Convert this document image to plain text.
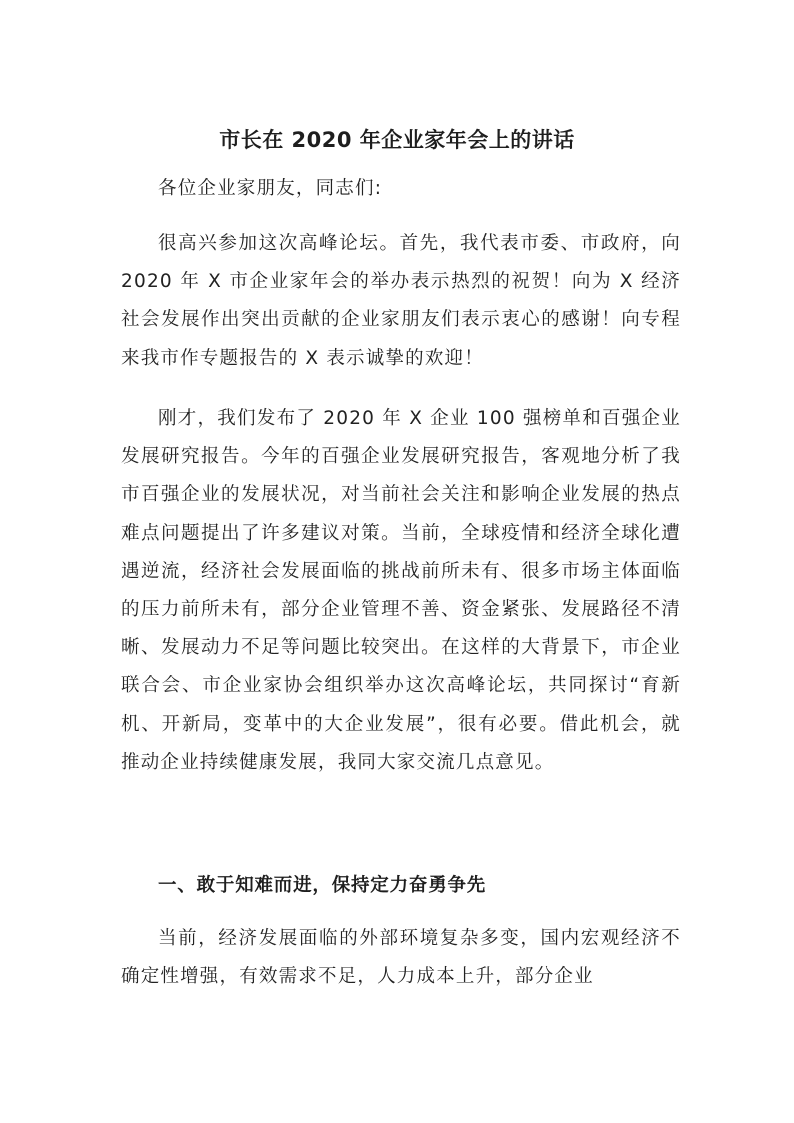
市长在 2020 年企业家年会上的讲话

各位企业家朋友，同志们:

很高兴参加这次高峰论坛。首先，我代表市委、市政府，向 2020 年 X 市企业家年会的举办表示热烈的祝贺！向为 X 经济社会发展作出突出贡献的企业家朋友们表示衷心的感谢！向专程来我市作专题报告的 X 表示诚挚的欢迎！

刚才，我们发布了 2020 年 X 企业 100 强榜单和百强企业发展研究报告。今年的百强企业发展研究报告，客观地分析了我市百强企业的发展状况，对当前社会关注和影响企业发展的热点难点问题提出了许多建议对策。当前，全球疫情和经济全球化遭遇逆流，经济社会发展面临的挑战前所未有、很多市场主体面临的压力前所未有，部分企业管理不善、资金紧张、发展路径不清晰、发展动力不足等问题比较突出。在这样的大背景下，市企业联合会、市企业家协会组织举办这次高峰论坛，共同探讨“育新机、开新局，变革中的大企业发展”，很有必要。借此机会，就推动企业持续健康发展，我同大家交流几点意见。

一、敢于知难而进，保持定力奋勇争先

当前，经济发展面临的外部环境复杂多变，国内宏观经济不确定性增强，有效需求不足，人力成本上升，部分企业
